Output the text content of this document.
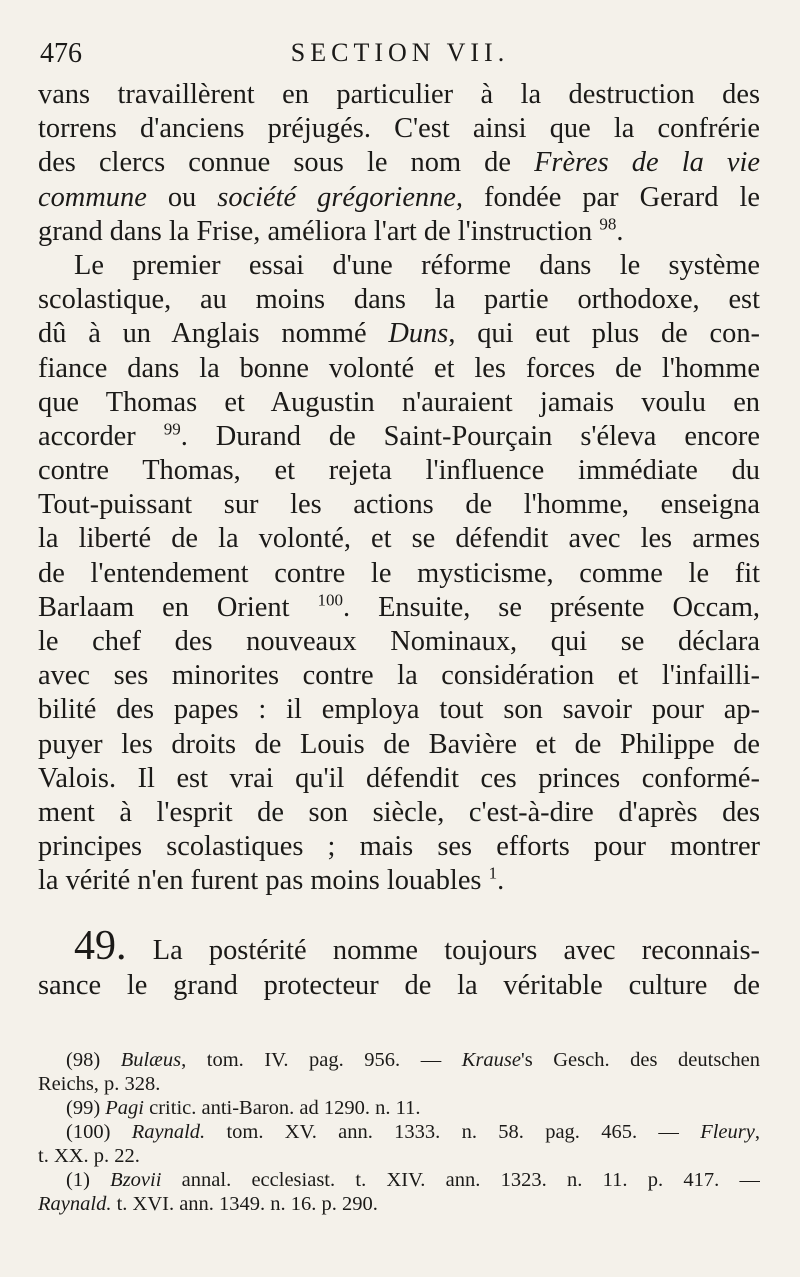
476	SECTION VII.
vans travaillèrent en particulier à la destruction des
torrens d'anciens préjugés. C'est ainsi que la confrérie
des clercs connue sous le nom de Frères de la vie
commune ou société grégorienne, fondée par Gerard le
grand dans la Frise, améliora l'art de l'instruction $^{98}$.
Le premier essai d'une réforme dans le système
scolastique, au moins dans la partie orthodoxe, est
dû à un Anglais nommé Duns, qui eut plus de con-
fiance dans la bonne volonté et les forces de l'homme
que Thomas et Augustin n'auraient jamais voulu en
accorder $^{99}$. Durand de Saint-Pourçain s'éleva encore
contre Thomas, et rejeta l'influence immédiate du
Tout-puissant sur les actions de l'homme, enseigna
la liberté de la volonté, et se défendit avec les armes
de l'entendement contre le mysticisme, comme le fit
Barlaam en Orient $^{100}$. Ensuite, se présente Occam,
le chef des nouveaux Nominaux, qui se déclara
avec ses minorites contre la considération et l'infailli-
bilité des papes : il employa tout son savoir pour ap-
puyer les droits de Louis de Bavière et de Philippe de
Valois. Il est vrai qu'il défendit ces princes conformé-
ment à l'esprit de son siècle, c'est-à-dire d'après des
principes scolastiques ; mais ses efforts pour montrer
la vérité n'en furent pas moins louables $^1$.
49. La postérité nomme toujours avec reconnais-
sance le grand protecteur de la véritable culture de
(98) Bulæus, tom. IV. pag. 956. — Krause's Gesch. des deutschen
Reichs, p. 328.
(99) Pagi critic. anti-Baron. ad 1290. n. 11.
(100) Raynald. tom. XV. ann. 1333. n. 58. pag. 465. — Fleury,
t. XX. p. 22.
(1) Bzovii annal. ecclesiast. t. XIV. ann. 1323. n. 11. p. 417. —
Raynald. t. XVI. ann. 1349. n. 16. p. 290.
